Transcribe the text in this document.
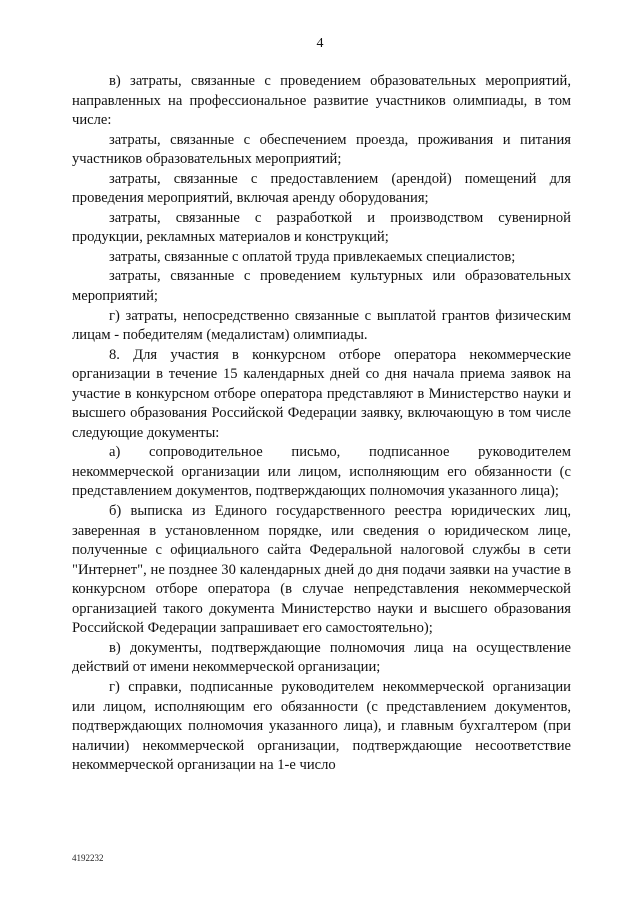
4

в) затраты, связанные с проведением образовательных мероприятий, направленных на профессиональное развитие участников олимпиады, в том числе:

затраты, связанные с обеспечением проезда, проживания и питания участников образовательных мероприятий;

затраты, связанные с предоставлением (арендой) помещений для проведения мероприятий, включая аренду оборудования;

затраты, связанные с разработкой и производством сувенирной продукции, рекламных материалов и конструкций;

затраты, связанные с оплатой труда привлекаемых специалистов;

затраты, связанные с проведением культурных или образовательных мероприятий;

г) затраты, непосредственно связанные с выплатой грантов физическим лицам - победителям (медалистам) олимпиады.

8. Для участия в конкурсном отборе оператора некоммерческие организации в течение 15 календарных дней со дня начала приема заявок на участие в конкурсном отборе оператора представляют в Министерство науки и высшего образования Российской Федерации заявку, включающую в том числе следующие документы:

а) сопроводительное письмо, подписанное руководителем некоммерческой организации или лицом, исполняющим его обязанности (с представлением документов, подтверждающих полномочия указанного лица);

б) выписка из Единого государственного реестра юридических лиц, заверенная в установленном порядке, или сведения о юридическом лице, полученные с официального сайта Федеральной налоговой службы в сети "Интернет", не позднее 30 календарных дней до дня подачи заявки на участие в конкурсном отборе оператора (в случае непредставления некоммерческой организацией такого документа Министерство науки и высшего образования Российской Федерации запрашивает его самостоятельно);

в) документы, подтверждающие полномочия лица на осуществление действий от имени некоммерческой организации;

г) справки, подписанные руководителем некоммерческой организации или лицом, исполняющим его обязанности (с представлением документов, подтверждающих полномочия указанного лица), и главным бухгалтером (при наличии) некоммерческой организации, подтверждающие несоответствие некоммерческой организации на 1-е число

4192232
